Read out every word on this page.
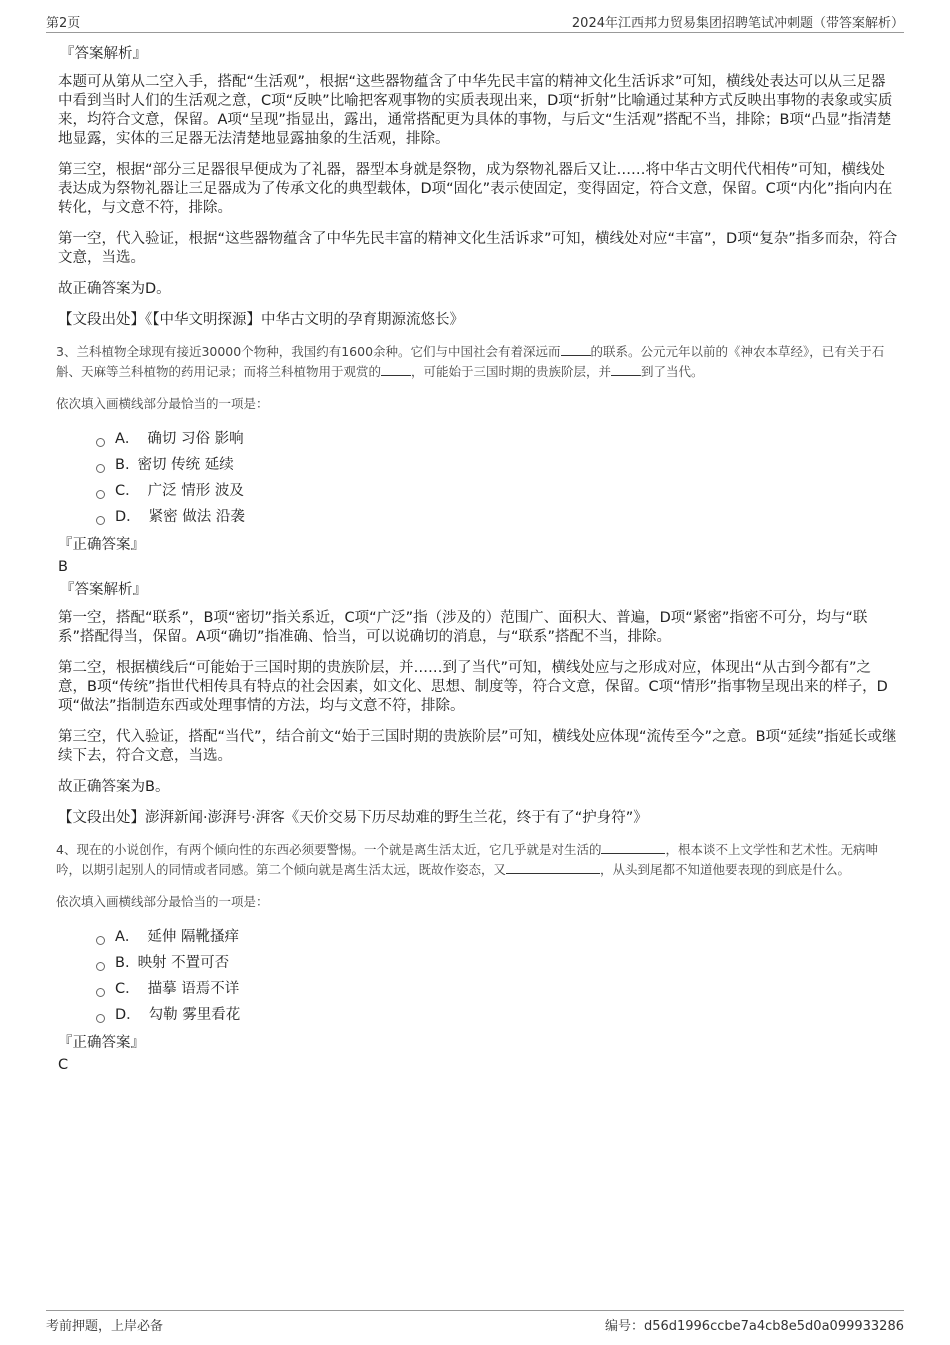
第2页	2024年江西邦力贸易集团招聘笔试冲刺题（带答案解析）
『答案解析』

本题可从第从二空入手，搭配“生活观”，根据“这些器物蕴含了中华先民丰富的精神文化生活诉求”可知，横线处表达可以从三足器中看到当时人们的生活观之意，C项“反映”比喻把客观事物的实质表现出来，D项“折射”比喻通过某种方式反映出事物的表象或实质来，均符合文意，保留。A项“呈现”指显出，露出，通常搭配更为具体的事物，与后文“生活观”搭配不当，排除；B项“凸显”指清楚地显露，实体的三足器无法清楚地显露抽象的生活观，排除。

第三空，根据“部分三足器很早便成为了礼器，器型本身就是祭物，成为祭物礼器后又让……将中华古文明代代相传”可知，横线处表达成为祭物礼器让三足器成为了传承文化的典型载体，D项“固化”表示使固定，变得固定，符合文意，保留。C项“内化”指向内在转化，与文意不符，排除。

第一空，代入验证，根据“这些器物蕴含了中华先民丰富的精神文化生活诉求”可知，横线处对应“丰富”，D项“复杂”指多而杂，符合文意，当选。

故正确答案为D。

【文段出处】《【中华文明探源】中华古文明的孕育期源流悠长》

3、兰科植物全球现有接近30000个物种，我国约有1600余种。它们与中国社会有着深远而 的联系。公元元年以前的《神农本草经》，已有关于石斛、天麻等兰科植物的药用记录；而将兰科植物用于观赏的 ，可能始于三国时期的贵族阶层，并 到了当代。
依次填入画横线部分最恰当的一项是：
A． 确切 习俗 影响
B. 密切 传统 延续
C． 广泛 情形 波及
D． 紧密 做法 沿袭
『正确答案』
B
『答案解析』

第一空，搭配“联系”，B项“密切”指关系近，C项“广泛”指（涉及的）范围广、面积大、普遍，D项“紧密”指密不可分，均与“联系”搭配得当，保留。A项“确切”指准确、恰当，可以说确切的消息，与“联系”搭配不当，排除。

第二空，根据横线后“可能始于三国时期的贵族阶层，并……到了当代”可知，横线处应与之形成对应，体现出“从古到今都有”之意，B项“传统”指世代相传具有特点的社会因素，如文化、思想、制度等，符合文意，保留。C项“情形”指事物呈现出来的样子，D项“做法”指制造东西或处理事情的方法，均与文意不符，排除。

第三空，代入验证，搭配“当代”，结合前文“始于三国时期的贵族阶层”可知，横线处应体现“流传至今”之意。B项“延续”指延长或继续下去，符合文意，当选。

故正确答案为B。

【文段出处】澎湃新闻·澎湃号·湃客《天价交易下历尽劫难的野生兰花，终于有了“护身符”》

4、现在的小说创作，有两个倾向性的东西必须要警惕。一个就是离生活太近，它几乎就是对生活的	，根本谈不上文学性和艺术性。无病呻吟，以期引起别人的同情或者同感。第二个倾向就是离生活太远，既故作姿态，又	，从头到尾都不知道他要表现的到底是什么。
依次填入画横线部分最恰当的一项是：
A． 延伸 隔靴搔痒
B. 映射 不置可否
C． 描摹 语焉不详
D． 勾勒 雾里看花
『正确答案』
C
考前押题，上岸必备	编号：d56d1996ccbe7a4cb8e5d0a099933286
